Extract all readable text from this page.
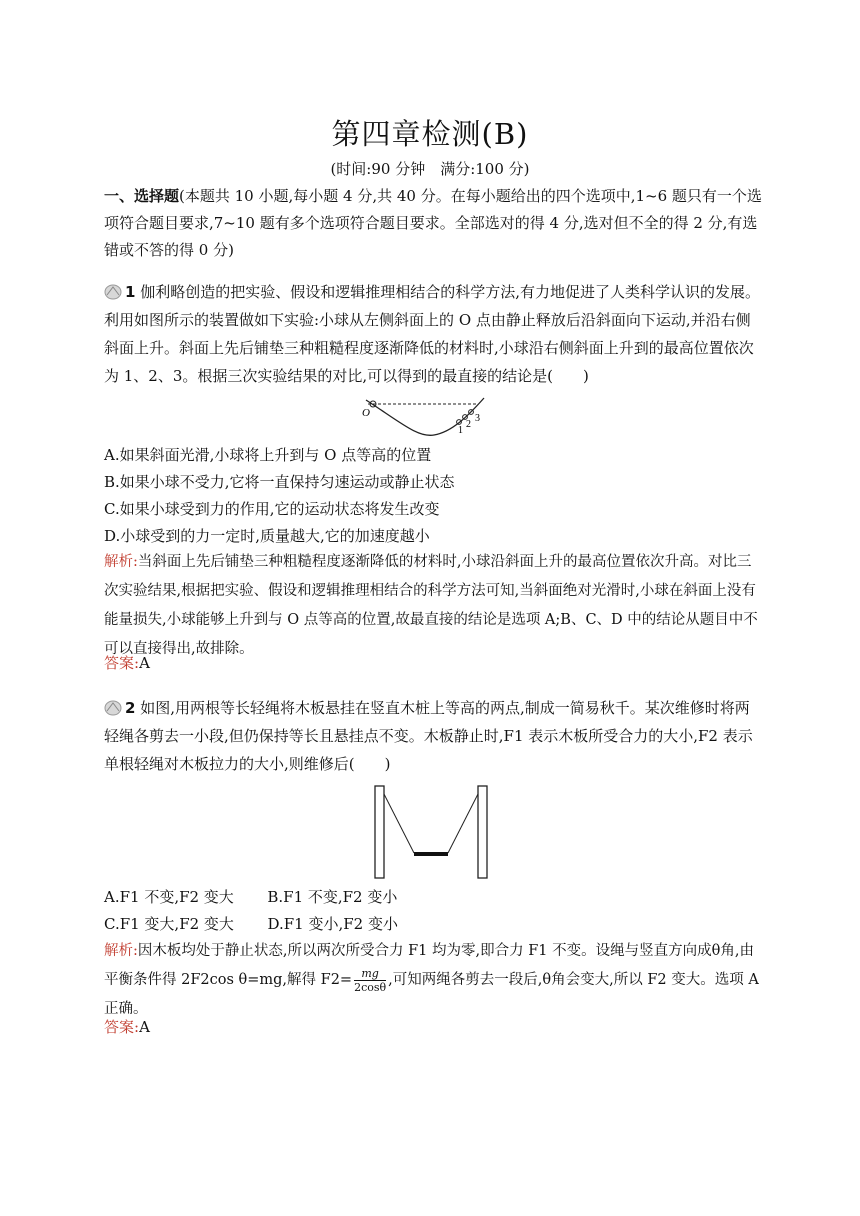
第四章检测(B)
(时间:90 分钟　满分:100 分)
一、选择题(本题共 10 小题,每小题 4 分,共 40 分。在每小题给出的四个选项中,1~6 题只有一个选项符合题目要求,7~10 题有多个选项符合题目要求。全部选对的得 4 分,选对但不全的得 2 分,有选错或不答的得 0 分)
1 伽利略创造的把实验、假设和逻辑推理相结合的科学方法,有力地促进了人类科学认识的发展。利用如图所示的装置做如下实验:小球从左侧斜面上的 O 点由静止释放后沿斜面向下运动,并沿右侧斜面上升。斜面上先后铺垫三种粗糙程度逐渐降低的材料时,小球沿右侧斜面上升到的最高位置依次为 1、2、3。根据三次实验结果的对比,可以得到的最直接的结论是(　　)
O
1
2
3
A.如果斜面光滑,小球将上升到与 O 点等高的位置
B.如果小球不受力,它将一直保持匀速运动或静止状态
C.如果小球受到力的作用,它的运动状态将发生改变
D.小球受到的力一定时,质量越大,它的加速度越小
解析:当斜面上先后铺垫三种粗糙程度逐渐降低的材料时,小球沿斜面上升的最高位置依次升高。对比三次实验结果,根据把实验、假设和逻辑推理相结合的科学方法可知,当斜面绝对光滑时,小球在斜面上没有能量损失,小球能够上升到与 O 点等高的位置,故最直接的结论是选项 A;B、C、D 中的结论从题目中不可以直接得出,故排除。
答案:A
2 如图,用两根等长轻绳将木板悬挂在竖直木桩上等高的两点,制成一简易秋千。某次维修时将两轻绳各剪去一小段,但仍保持等长且悬挂点不变。木板静止时,F1 表示木板所受合力的大小,F2 表示单根轻绳对木板拉力的大小,则维修后(　　)
A.F1 不变,F2 变大 B.F1 不变,F2 变小
C.F1 变大,F2 变大 D.F1 变小,F2 变小
解析:因木板均处于静止状态,所以两次所受合力 F1 均为零,即合力 F1 不变。设绳与竖直方向成θ角,由平衡条件得 2F2cos θ=mg,解得 $F2= \frac{mg}{2\cos\theta}$ ,可知两绳各剪去一段后,θ角会变大,所以 F2 变大。选项 A 正确。
答案:A
